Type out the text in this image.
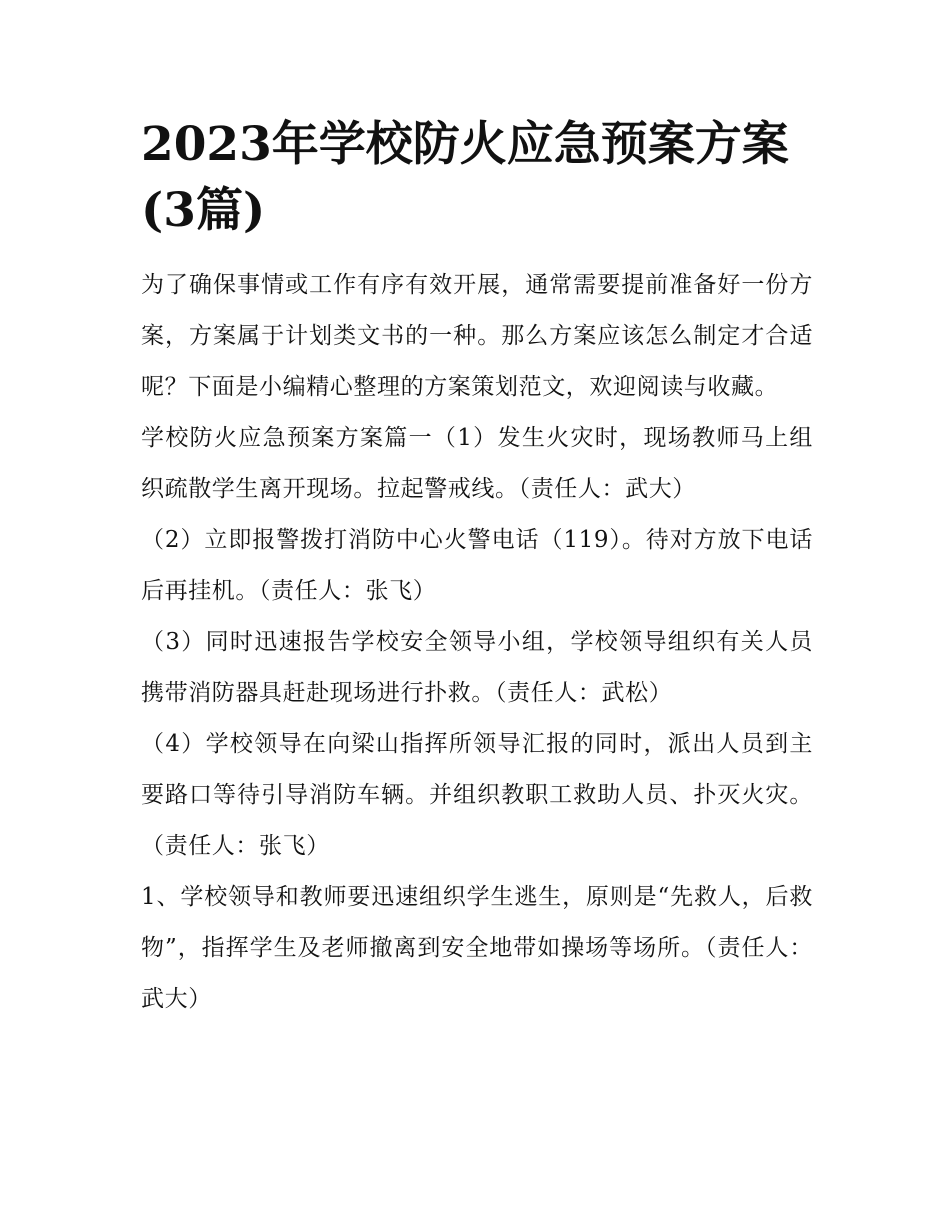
2023年学校防火应急预案方案(3篇)

为了确保事情或工作有序有效开展，通常需要提前准备好一份方案，方案属于计划类文书的一种。那么方案应该怎么制定才合适呢？下面是小编精心整理的方案策划范文，欢迎阅读与收藏。

学校防火应急预案方案篇一（1）发生火灾时，现场教师马上组织疏散学生离开现场。拉起警戒线。（责任人：武大）

（2）立即报警拨打消防中心火警电话（119）。待对方放下电话后再挂机。（责任人：张飞）

（3）同时迅速报告学校安全领导小组，学校领导组织有关人员携带消防器具赶赴现场进行扑救。（责任人：武松）

（4）学校领导在向梁山指挥所领导汇报的同时，派出人员到主要路口等待引导消防车辆。并组织教职工救助人员、扑灭火灾。（责任人：张飞）

1、学校领导和教师要迅速组织学生逃生，原则是“先救人，后救物”，指挥学生及老师撤离到安全地带如操场等场所。（责任人：武大）
